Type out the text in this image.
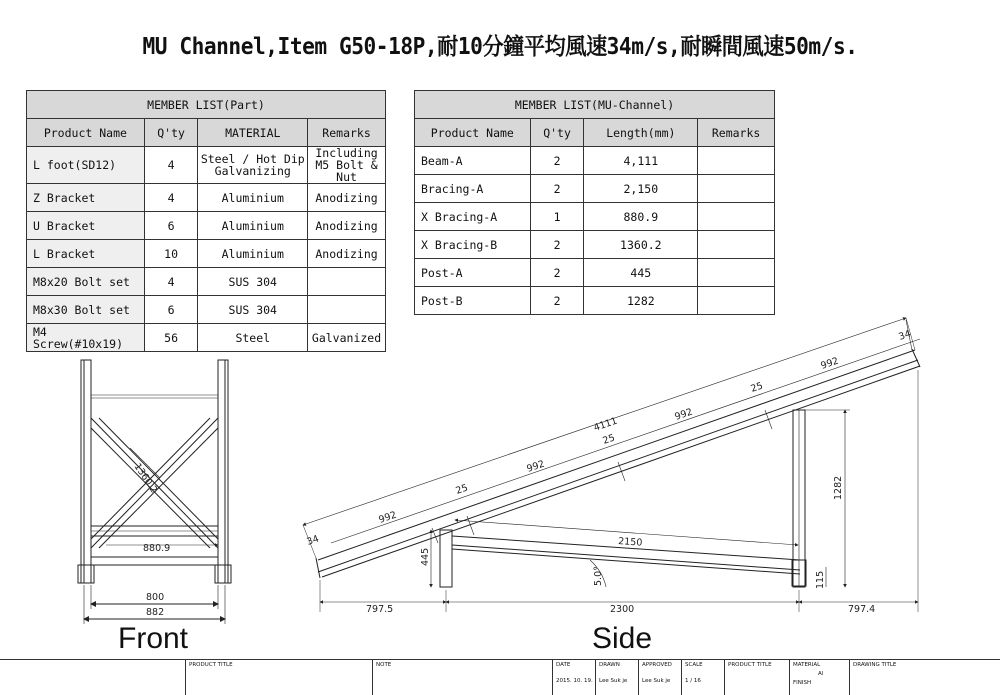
MU Channel,Item G50-18P,耐10分鐘平均風速34m/s,耐瞬間風速50m/s.
MEMBER LIST(Part)			
Product Name	Q'ty	MATERIAL	Remarks
L foot(SD12)	4	Steel / Hot Dip Galvanizing	Including M5 Bolt & Nut
Z Bracket	4	Aluminium	Anodizing
U Bracket	6	Aluminium	Anodizing
L Bracket	10	Aluminium	Anodizing
M8x20 Bolt set	4	SUS 304	
M8x30 Bolt set	6	SUS 304	
M4 Screw(#10x19)	56	Steel	Galvanized
MEMBER LIST(MU-Channel)			
Product Name	Q'ty	Length(mm)	Remarks
Beam-A	2	4,111	
Bracing-A	2	2,150	
X Bracing-A	1	880.9	
X Bracing-B	2	1360.2	
Post-A	2	445	
Post-B	2	1282	
1360.2
880.9
800
882
4111
992
992
992
992
25
25
25
34
34
2150
445
1282
5.0°	115
797.5	2300	797.4
Front	Side
PRODUCT TITLE	NOTE	DATE
2015. 10. 19.
DRAWN
Lee Suk je
APPROVED
Lee Suk je
SCALE
1 / 16
PRODUCT TITLE	MATERIAL
Al
FINISH
DRAWING TITLE
